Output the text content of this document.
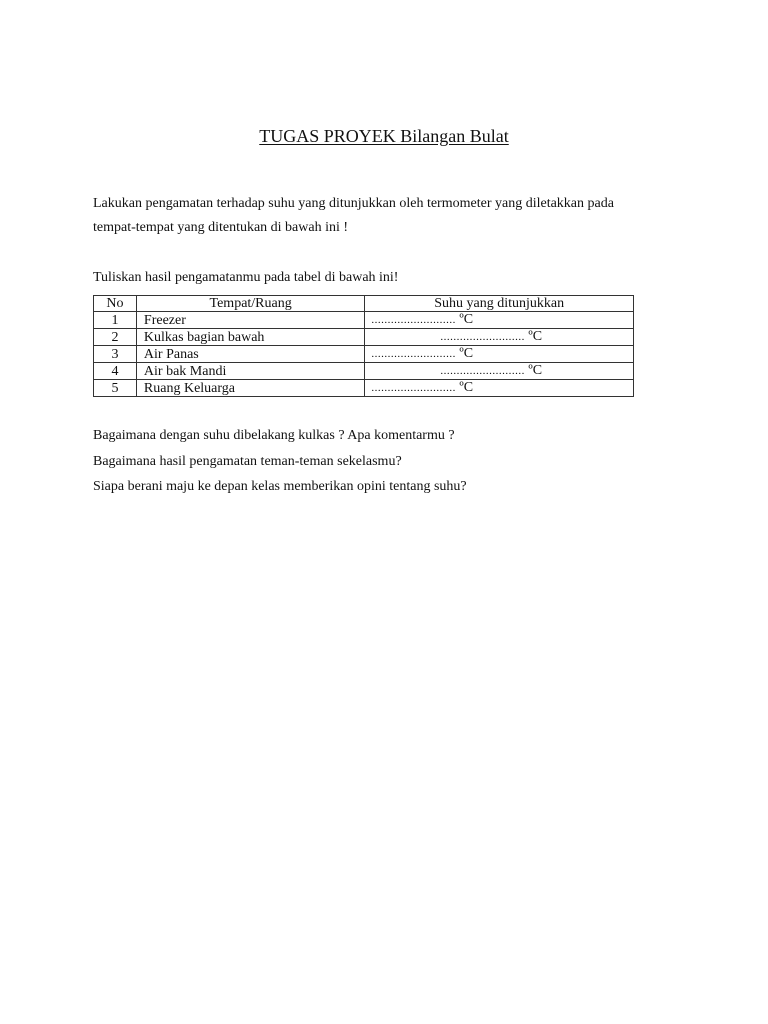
TUGAS PROYEK Bilangan Bulat

Lakukan pengamatan terhadap suhu yang ditunjukkan oleh termometer yang diletakkan pada
tempat-tempat yang ditentukan di bawah ini !

Tuliskan hasil pengamatanmu pada tabel di bawah ini!

No	Tempat/Ruang	Suhu yang ditunjukkan
1	Freezer	.......................... ºC
2	Kulkas bagian bawah	.......................... ºC
3	Air Panas	.......................... ºC
4	Air bak Mandi	.......................... ºC
5	Ruang Keluarga	.......................... ºC

Bagaimana dengan suhu dibelakang kulkas ? Apa komentarmu ?

Bagaimana hasil pengamatan teman-teman sekelasmu?

Siapa berani maju ke depan kelas memberikan opini tentang suhu?
